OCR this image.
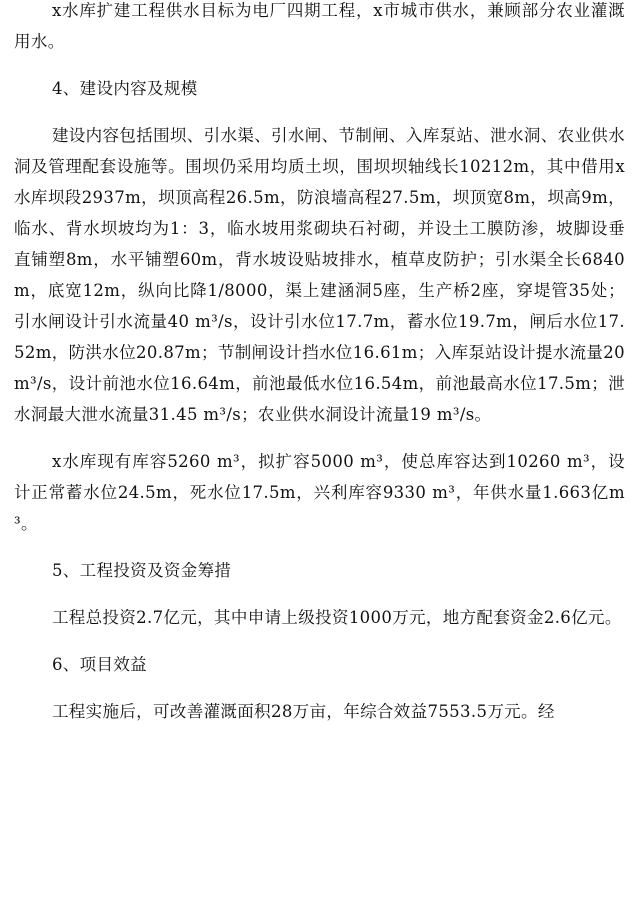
x水库扩建工程供水目标为电厂四期工程，x市城市供水，兼顾部分农业灌溉用水。

4、建设内容及规模

建设内容包括围坝、引水渠、引水闸、节制闸、入库泵站、泄水洞、农业供水洞及管理配套设施等。围坝仍采用均质土坝，围坝坝轴线长10212m，其中借用x水库坝段2937m，坝顶高程26.5m，防浪墙高程27.5m，坝顶宽8m，坝高9m，临水、背水坝坡均为1：3，临水坡用浆砌块石衬砌，并设土工膜防渗，坡脚设垂直铺塑8m，水平铺塑60m，背水坡设贴坡排水，植草皮防护；引水渠全长6840m，底宽12m，纵向比降1/8000，渠上建涵洞5座，生产桥2座，穿堤管35处；引水闸设计引水流量40 m³/s，设计引水位17.7m，蓄水位19.7m，闸后水位17.52m，防洪水位20.87m；节制闸设计挡水位16.61m；入库泵站设计提水流量20 m³/s，设计前池水位16.64m，前池最低水位16.54m，前池最高水位17.5m；泄水洞最大泄水流量31.45 m³/s；农业供水洞设计流量19 m³/s。

x水库现有库容5260 m³，拟扩容5000 m³，使总库容达到10260 m³，设计正常蓄水位24.5m，死水位17.5m，兴利库容9330 m³，年供水量1.663亿m³。

5、工程投资及资金筹措

工程总投资2.7亿元，其中申请上级投资1000万元，地方配套资金2.6亿元。

6、项目效益

工程实施后，可改善灌溉面积28万亩，年综合效益7553.5万元。经
